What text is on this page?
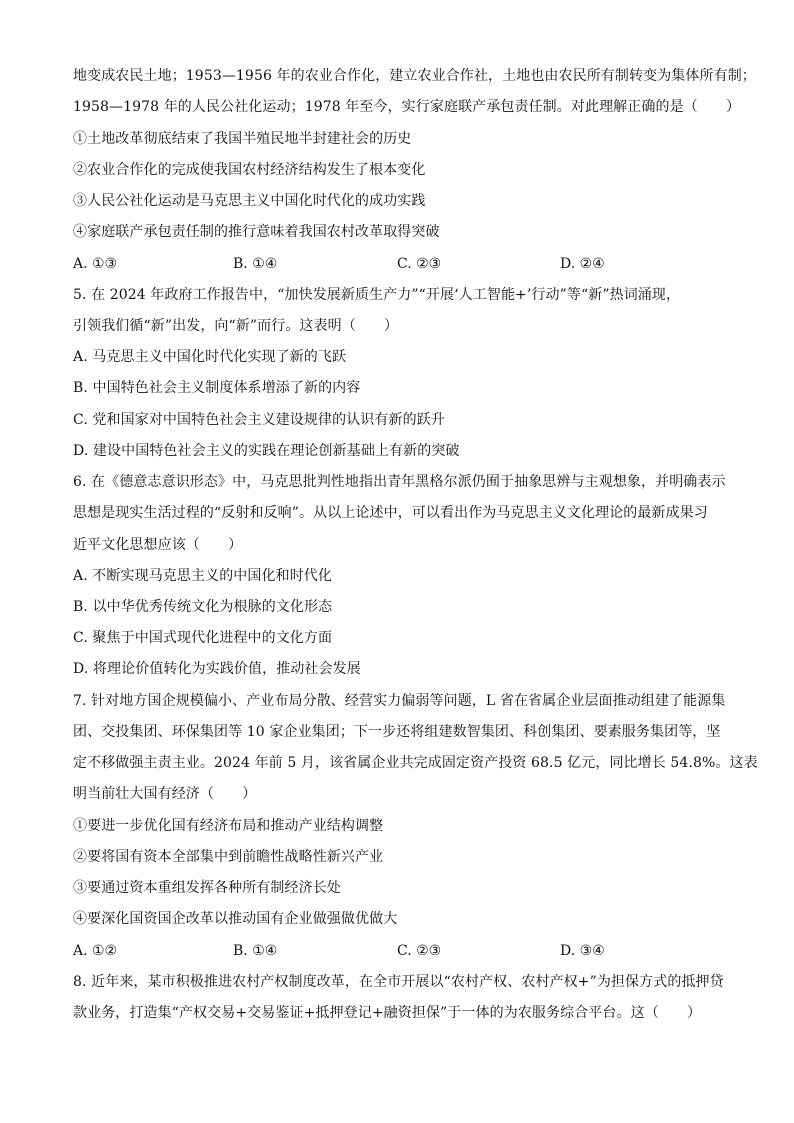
地变成农民土地；1953—1956 年的农业合作化，建立农业合作社，土地也由农民所有制转变为集体所有制；
1958—1978 年的人民公社化运动；1978 年至今，实行家庭联产承包责任制。对此理解正确的是（　　）
①土地改革彻底结束了我国半殖民地半封建社会的历史
②农业合作化的完成使我国农村经济结构发生了根本变化
③人民公社化运动是马克思主义中国化时代化的成功实践
④家庭联产承包责任制的推行意味着我国农村改革取得突破
A. ①③	B. ①④	C. ②③	D. ②④
5. 在 2024 年政府工作报告中，“加快发展新质生产力”“开展‘人工智能+’行动”等“新”热词涌现，
引领我们循“新”出发，向“新”而行。这表明（　　）
A. 马克思主义中国化时代化实现了新的飞跃
B. 中国特色社会主义制度体系增添了新的内容
C. 党和国家对中国特色社会主义建设规律的认识有新的跃升
D. 建设中国特色社会主义的实践在理论创新基础上有新的突破
6. 在《德意志意识形态》中，马克思批判性地指出青年黑格尔派仍囿于抽象思辨与主观想象，并明确表示
思想是现实生活过程的“反射和反响”。从以上论述中，可以看出作为马克思主义文化理论的最新成果习
近平文化思想应该（　　）
A. 不断实现马克思主义的中国化和时代化
B. 以中华优秀传统文化为根脉的文化形态
C. 聚焦于中国式现代化进程中的文化方面
D. 将理论价值转化为实践价值，推动社会发展
7. 针对地方国企规模偏小、产业布局分散、经营实力偏弱等问题，L 省在省属企业层面推动组建了能源集
团、交投集团、环保集团等 10 家企业集团；下一步还将组建数智集团、科创集团、要素服务集团等，坚
定不移做强主责主业。2024 年前 5 月，该省属企业共完成固定资产投资 68.5 亿元，同比增长 54.8%。这表
明当前壮大国有经济（　　）
①要进一步优化国有经济布局和推动产业结构调整
②要将国有资本全部集中到前瞻性战略性新兴产业
③要通过资本重组发挥各种所有制经济长处
④要深化国资国企改革以推动国有企业做强做优做大
A. ①②	B. ①④	C. ②③	D. ③④
8. 近年来，某市积极推进农村产权制度改革，在全市开展以“农村产权、农村产权+”为担保方式的抵押贷
款业务，打造集“产权交易+交易鉴证+抵押登记+融资担保”于一体的为农服务综合平台。这（　　）
